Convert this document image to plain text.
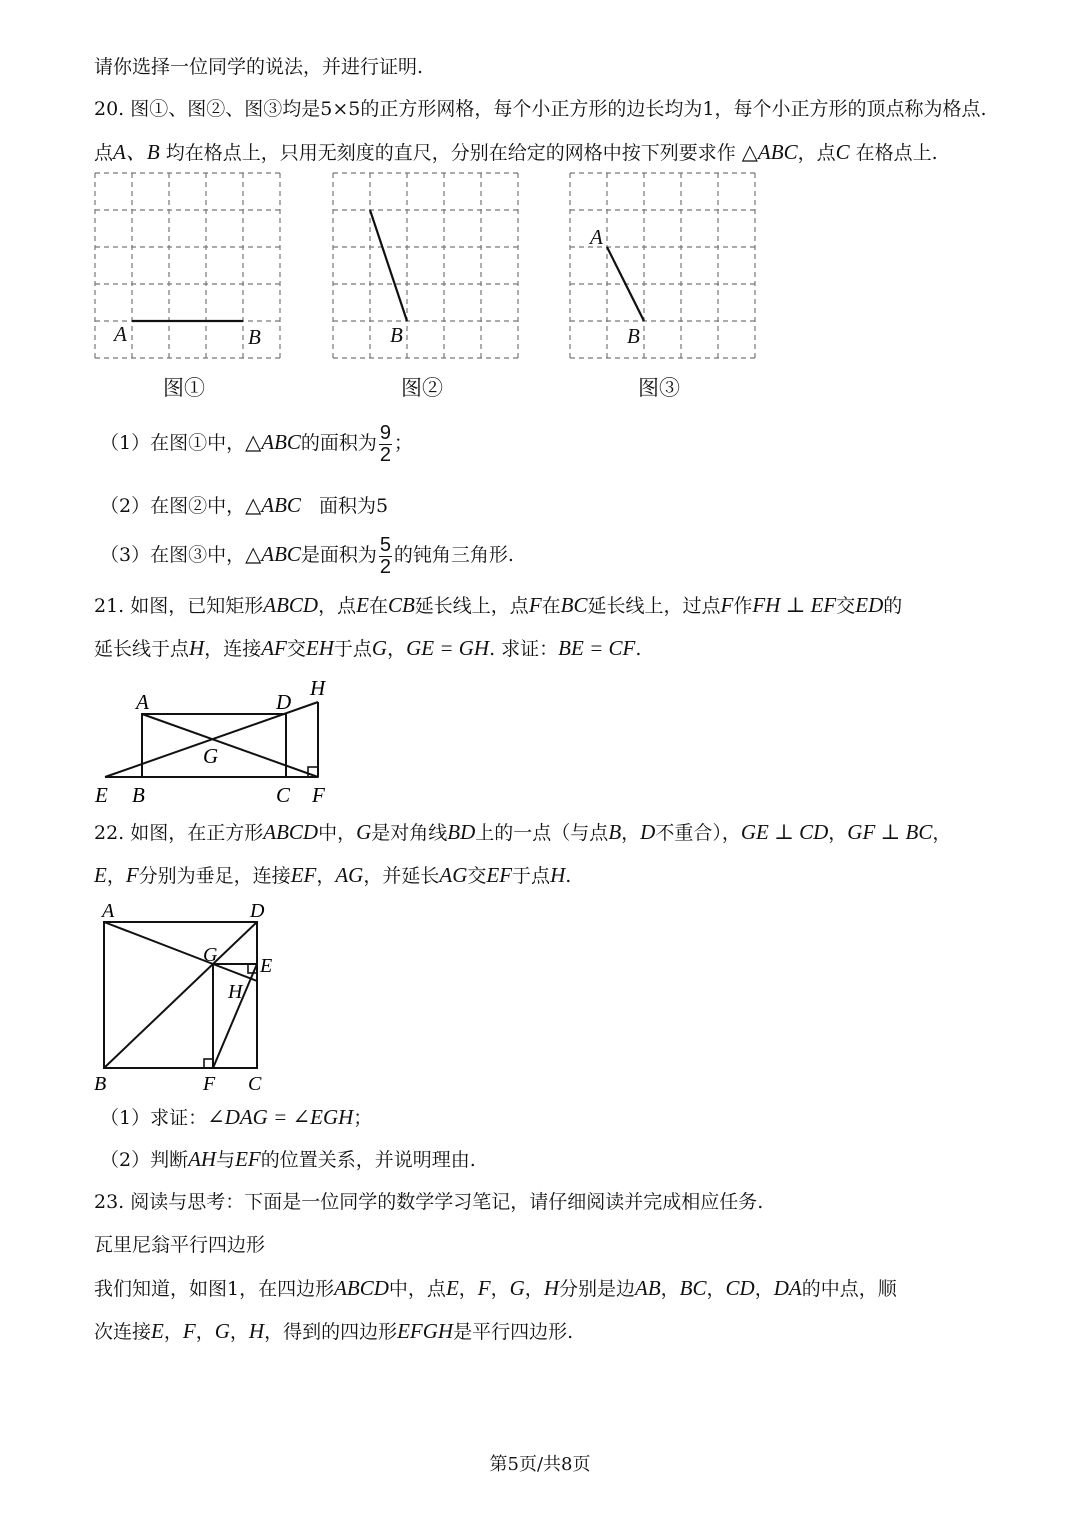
请你选择一位同学的说法，并进行证明.
20. 图①、图②、图③均是5×5的正方形网格，每个小正方形的边长均为1，每个小正方形的顶点称为格点.
点A、B 均在格点上，只用无刻度的直尺，分别在给定的网格中按下列要求作 △ABC，点C 在格点上.
A	B	B
A
B
图①	图②	图③
（1）在图①中，△ABC的面积为 $\frac{9}{2}$ ；
（2）在图②中，△ABC   面积为5
（3）在图③中，△ABC是面积为 $\frac{5}{2}$ 的钝角三角形.
21. 如图，已知矩形ABCD，点E在CB延长线上，点F在BC延长线上，过点F作FH ⊥ EF交ED的
延长线于点H，连接AF交EH于点G，GE = GH. 求证：BE = CF.
A	D
H
G
E B	C F
22. 如图，在正方形ABCD中，G是对角线BD上的一点（与点B，D不重合），GE ⊥ CD，GF ⊥ BC，
E，F分别为垂足，连接EF，AG，并延长AG交EF于点H.
A	D
G E
H
B	F C
（1）求证：∠DAG = ∠EGH；
（2）判断AH与EF的位置关系，并说明理由.
23. 阅读与思考：下面是一位同学的数学学习笔记，请仔细阅读并完成相应任务.
瓦里尼翁平行四边形
我们知道，如图1，在四边形ABCD中，点E，F，G，H分别是边AB，BC，CD，DA的中点，顺
次连接E，F，G，H，得到的四边形EFGH是平行四边形.
第5页/共8页
